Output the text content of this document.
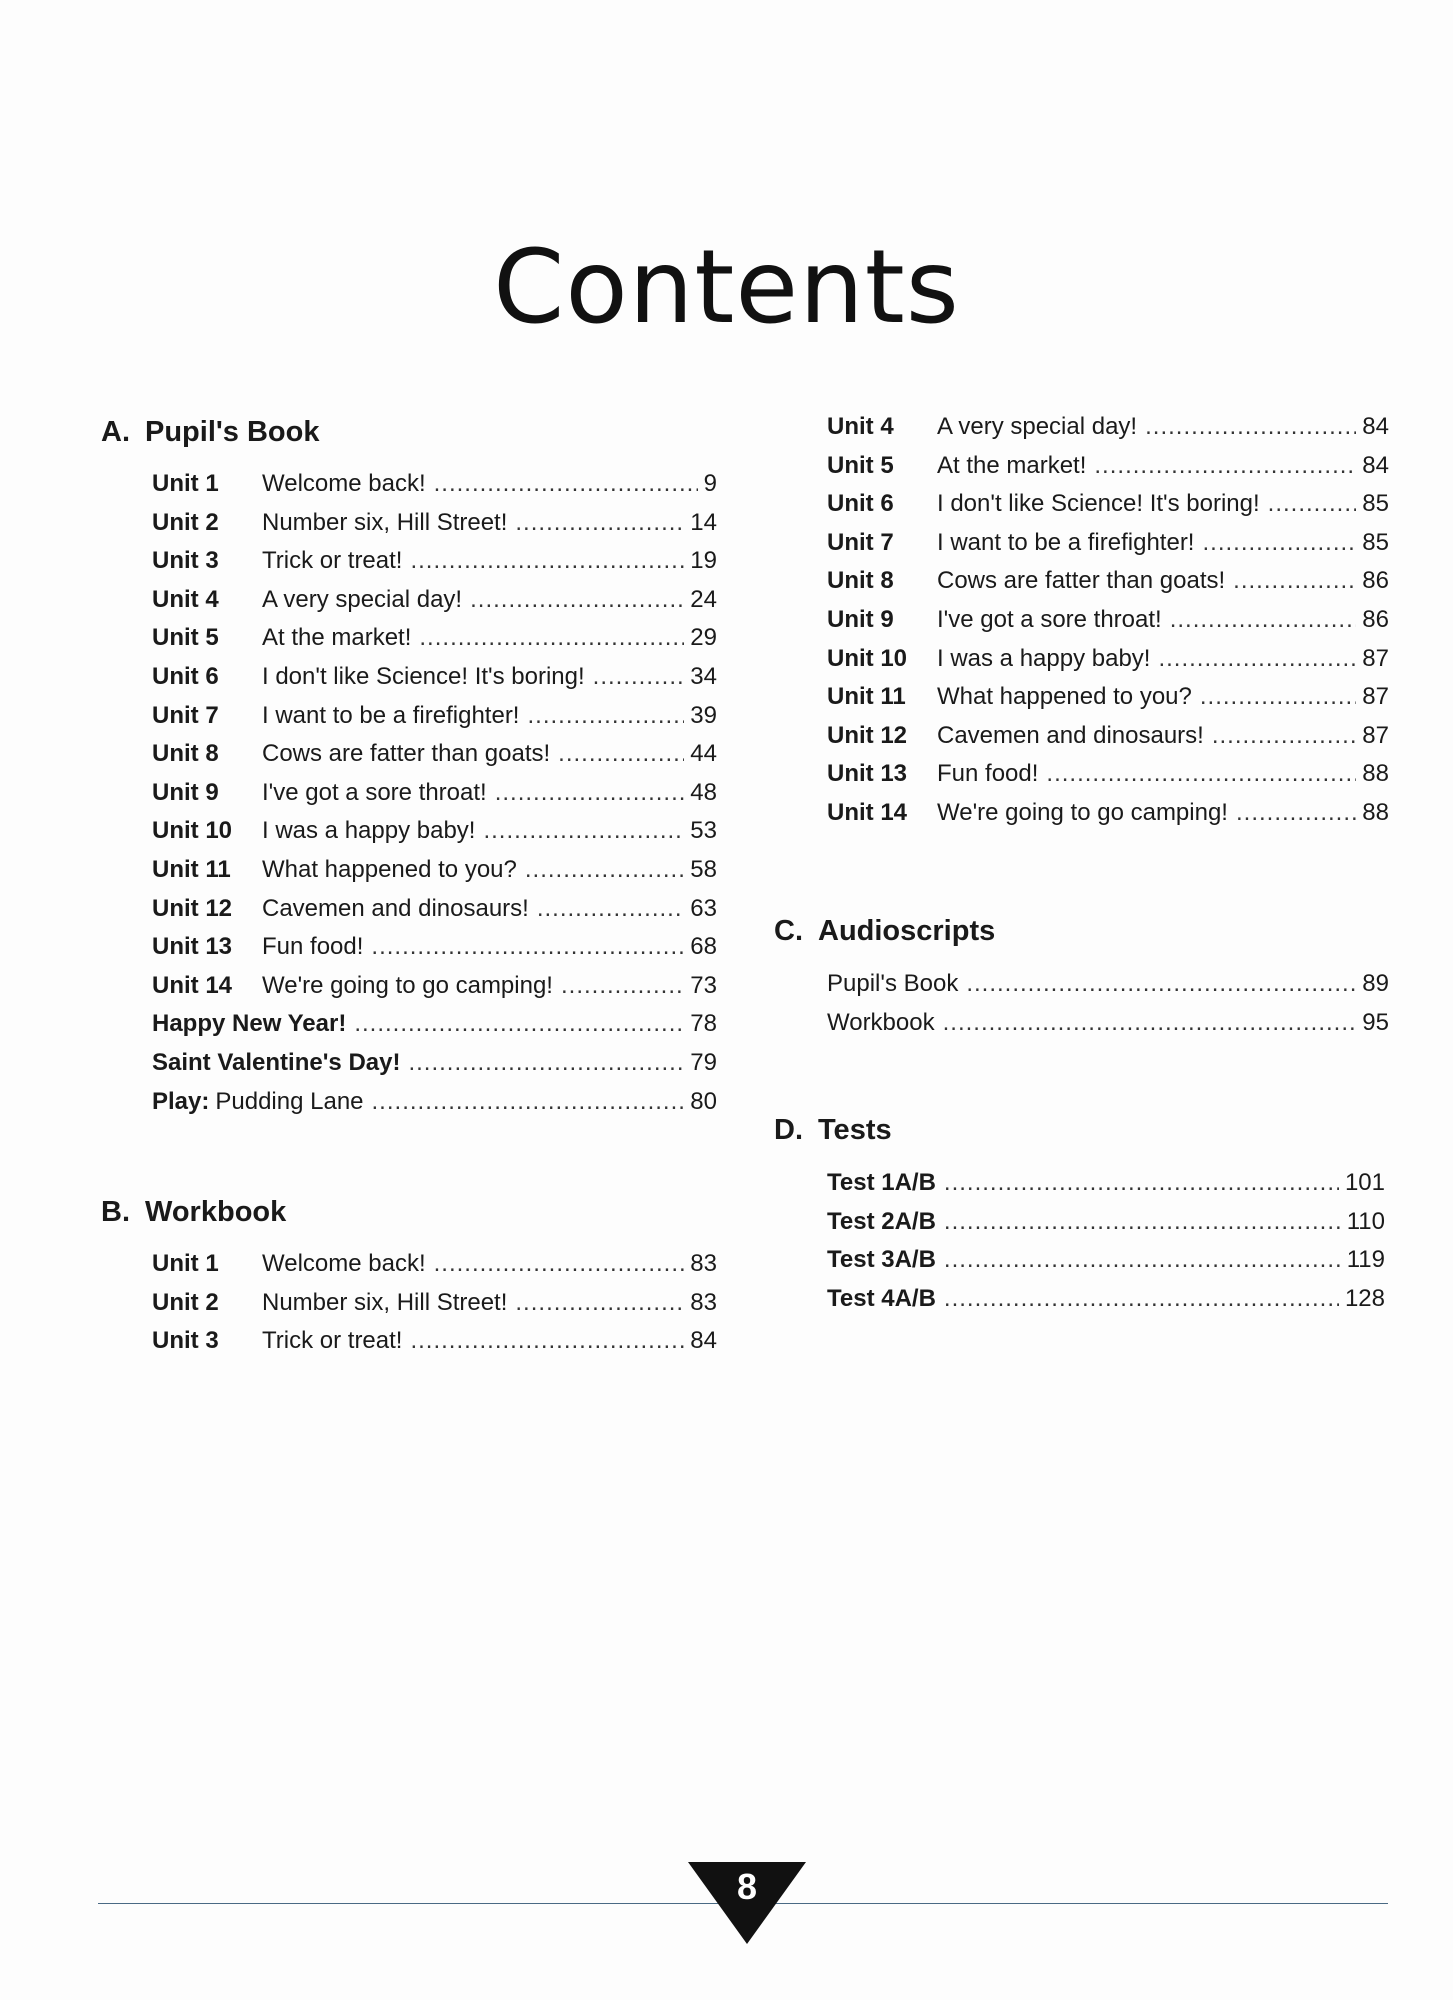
Contents
A. Pupil's Book
Unit 1	Welcome back! .....	9
Unit 2	Number six, Hill Street! .....	14
Unit 3	Trick or treat! .....	19
Unit 4	A very special day! .....	24
Unit 5	At the market! .....	29
Unit 6	I don't like Science! It's boring! .....	34
Unit 7	I want to be a firefighter! .....	39
Unit 8	Cows are fatter than goats! .....	44
Unit 9	I've got a sore throat! .....	48
Unit 10	I was a happy baby! .....	53
Unit 11	What happened to you? .....	58
Unit 12	Cavemen and dinosaurs! .....	63
Unit 13	Fun food! .....	68
Unit 14	We're going to go camping! .....	73
Happy New Year! .....	78
Saint Valentine's Day! .....	79
Play: Pudding Lane .....	80
B. Workbook
Unit 1	Welcome back! .....	83
Unit 2	Number six, Hill Street! .....	83
Unit 3	Trick or treat! .....	84
Unit 4	A very special day! .....	84
Unit 5	At the market! .....	84
Unit 6	I don't like Science! It's boring! .....	85
Unit 7	I want to be a firefighter! .....	85
Unit 8	Cows are fatter than goats! .....	86
Unit 9	I've got a sore throat! .....	86
Unit 10	I was a happy baby! .....	87
Unit 11	What happened to you? .....	87
Unit 12	Cavemen and dinosaurs! .....	87
Unit 13	Fun food! .....	88
Unit 14	We're going to go camping! .....	88
C. Audioscripts
Pupil's Book .....	89
Workbook .....	95
D. Tests
Test 1A/B .....	101
Test 2A/B .....	110
Test 3A/B .....	119
Test 4A/B .....	128
8
